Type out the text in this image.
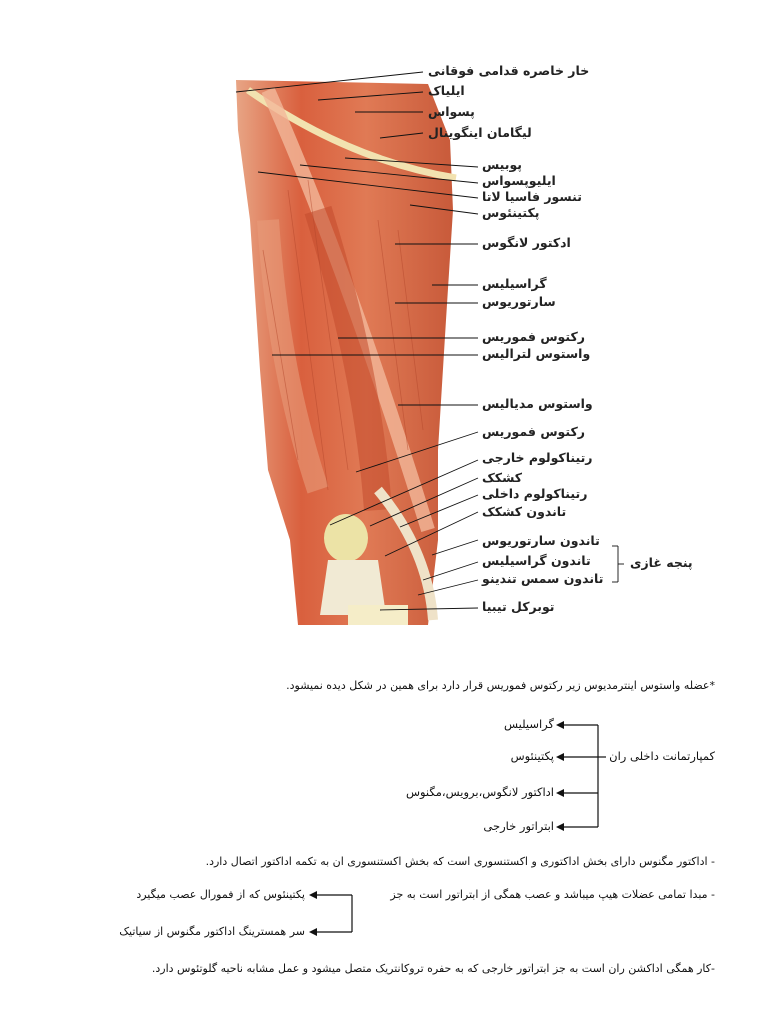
خار خاصره قدامی فوقانی
ایلیاک
پسواس
لیگامان اینگوینال
پوبیس
ایلیوپسواس
تنسور فاسیا لاتا
پکتینئوس
ادکتور لانگوس
گراسیلیس
سارتوریوس
رکتوس فموریس
واستوس لترالیس
واستوس مدیالیس
رکتوس فموریس
رتیناکولوم خارجی
کشکک
رتیناکولوم داخلی
تاندون کشکک
تاندون سارتوریوس
تاندون گراسیلیس
تاندون سمس تندینو
توبرکل تیبیا
پنجه غازی
*عضله واستوس اینترمدیوس زیر رکتوس فموریس قرار دارد برای همین در شکل دیده نمیشود.
گراسیلیس
پکتینئوس
اداکتور لانگوس،برویس،مگنوس
ابتراتور خارجی
کمپارتمانت داخلی ران
- اداکتور مگنوس دارای بخش اداکتوری و اکستنسوری است که بخش اکستنسوری ان به تکمه اداکتور اتصال دارد.
- مبدا تمامی عضلات هیپ میباشد و عصب همگی از ابتراتور است به جز
پکتینئوس که از فمورال عصب میگیرد
سر همسترینگ اداکتور مگنوس از سیاتیک
-کار همگی اداکشن ران است به جز ابتراتور خارجی که به حفره تروکانتریک متصل میشود و عمل مشابه ناحیه گلوتئوس دارد.
